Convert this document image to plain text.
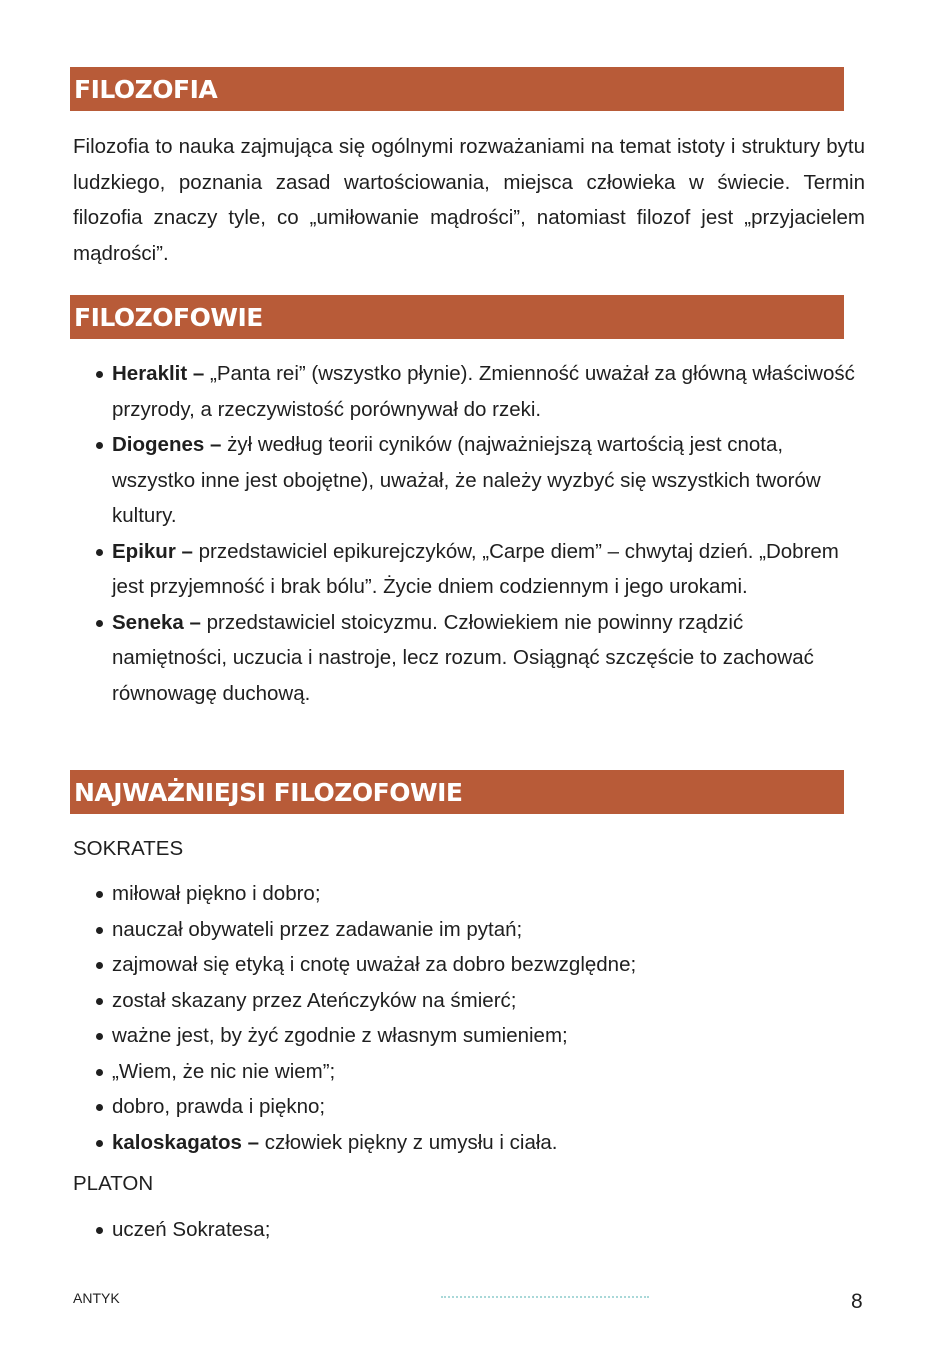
FILOZOFIA

Filozofia to nauka zajmująca się ogólnymi rozważaniami na temat istoty i struktury bytu ludzkiego, poznania zasad wartościowania, miejsca człowieka w świecie. Termin filozofia znaczy tyle, co „umiłowanie mądrości”, natomiast filozof jest „przyjacielem mądrości”.

FILOZOFOWIE
Heraklit – „Panta rei” (wszystko płynie). Zmienność uważał za główną właściwość przyrody, a rzeczywistość porównywał do rzeki.
Diogenes – żył według teorii cyników (najważniejszą wartością jest cnota, wszystko inne jest obojętne), uważał, że należy wyzbyć się wszystkich tworów kultury.
Epikur – przedstawiciel epikurejczyków, „Carpe diem” – chwytaj dzień. „Dobrem jest przyjemność i brak bólu”. Życie dniem codziennym i jego urokami.
Seneka – przedstawiciel stoicyzmu. Człowiekiem nie powinny rządzić namiętności, uczucia i nastroje, lecz rozum. Osiągnąć szczęście to zachować równowagę duchową.
NAJWAŻNIEJSI FILOZOFOWIE

SOKRATES

miłował piękno i dobro;
nauczał obywateli przez zadawanie im pytań;
zajmował się etyką i cnotę uważał za dobro bezwzględne;
został skazany przez Ateńczyków na śmierć;
ważne jest, by żyć zgodnie z własnym sumieniem;
„Wiem, że nic nie wiem”;
dobro, prawda i piękno;
kaloskagatos – człowiek piękny z umysłu i ciała.

PLATON

uczeń Sokratesa;
ANTYK	8
